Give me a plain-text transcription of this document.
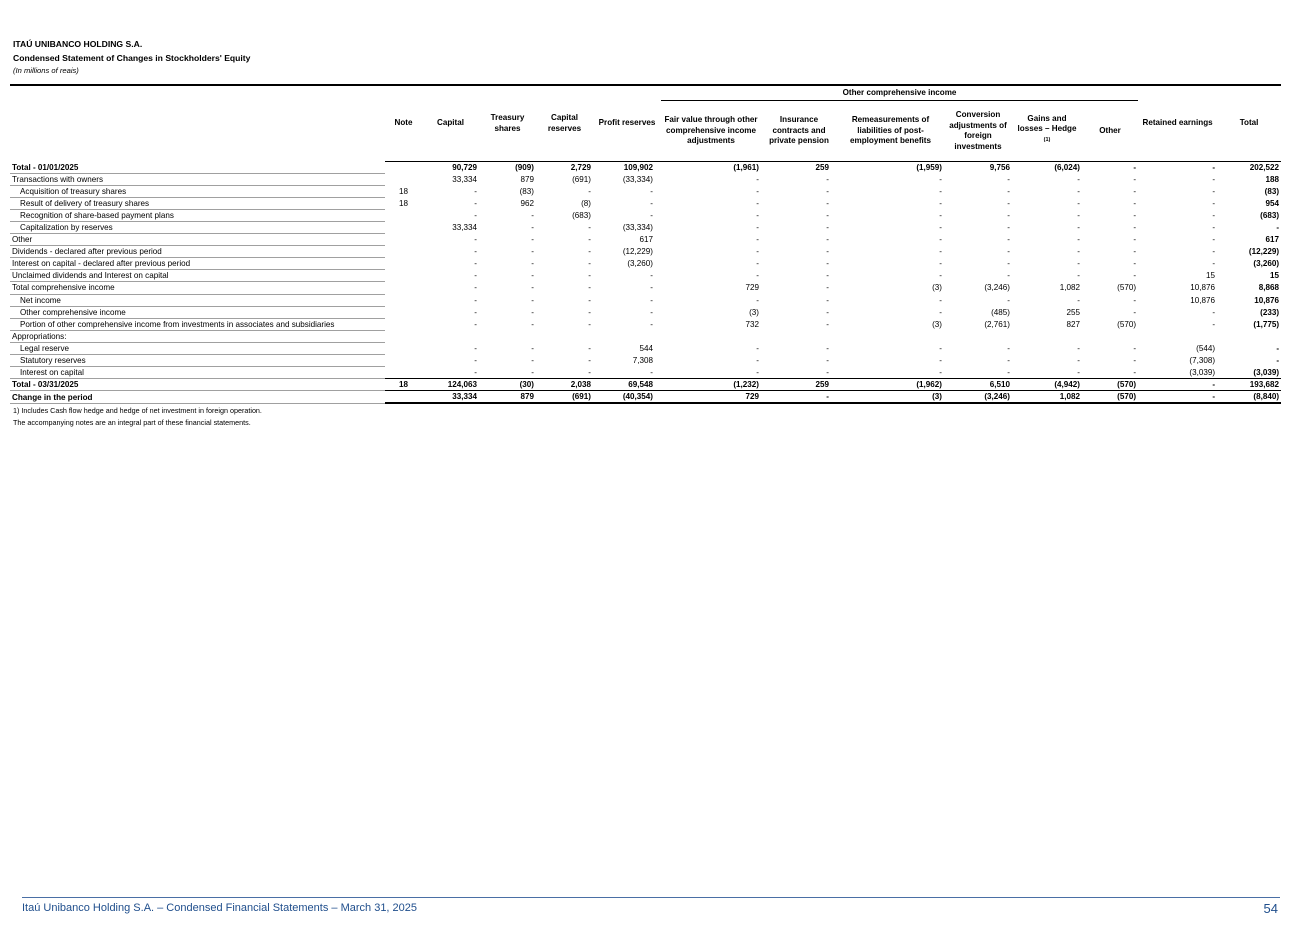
ITAÚ UNIBANCO HOLDING S.A.
Condensed Statement of Changes in Stockholders' Equity
(In millions of reais)
	Note	Capital	Treasury shares	Capital reserves	Profit reserves	Other comprehensive income						Retained earnings	Total
						Fair value through other comprehensive income adjustments	Insurance contracts and private pension	Remeasurements of liabilities of post-employment benefits	Conversion adjustments of foreign investments	Gains and losses – Hedge $^{(1)}$	Other		
Total - 01/01/2025		90,729	(909)	2,729	109,902	(1,961)	259	(1,959)	9,756	(6,024)	-	-	202,522
Transactions with owners		33,334	879	(691)	(33,334)	-	-	-	-	-	-	-	188
Acquisition of treasury shares	18	-	(83)	-	-	-	-	-	-	-	-	-	(83)
Result of delivery of treasury shares	18	-	962	(8)	-	-	-	-	-	-	-	-	954
Recognition of share-based payment plans		-	-	(683)	-	-	-	-	-	-	-	-	(683)
Capitalization by reserves		33,334	-	-	(33,334)	-	-	-	-	-	-	-	-
Other		-	-	-	617	-	-	-	-	-	-	-	617
Dividends - declared after previous period		-	-	-	(12,229)	-	-	-	-	-	-	-	(12,229)
Interest on capital - declared after previous period		-	-	-	(3,260)	-	-	-	-	-	-	-	(3,260)
Unclaimed dividends and Interest on capital		-	-	-	-	-	-	-	-	-	-	15	15
Total comprehensive income		-	-	-	-	729	-	(3)	(3,246)	1,082	(570)	10,876	8,868
Net income		-	-	-	-	-	-	-	-	-	-	10,876	10,876
Other comprehensive income		-	-	-	-	(3)	-	-	(485)	255	-	-	(233)
Portion of other comprehensive income from investments in associates and subsidiaries		-	-	-	-	732	-	(3)	(2,761)	827	(570)	-	(1,775)
Appropriations:													
Legal reserve		-	-	-	544	-	-	-	-	-	-	(544)	-
Statutory reserves		-	-	-	7,308	-	-	-	-	-	-	(7,308)	-
Interest on capital		-	-	-	-	-	-	-	-	-	-	(3,039)	(3,039)
Total - 03/31/2025	18	124,063	(30)	2,038	69,548	(1,232)	259	(1,962)	6,510	(4,942)	(570)	-	193,682
Change in the period		33,334	879	(691)	(40,354)	729	-	(3)	(3,246)	1,082	(570)	-	(8,840)
1) Includes Cash flow hedge and hedge of net investment in foreign operation.
The accompanying notes are an integral part of these financial statements.
Itaú Unibanco Holding S.A. – Condensed Financial Statements – March 31, 2025	54
